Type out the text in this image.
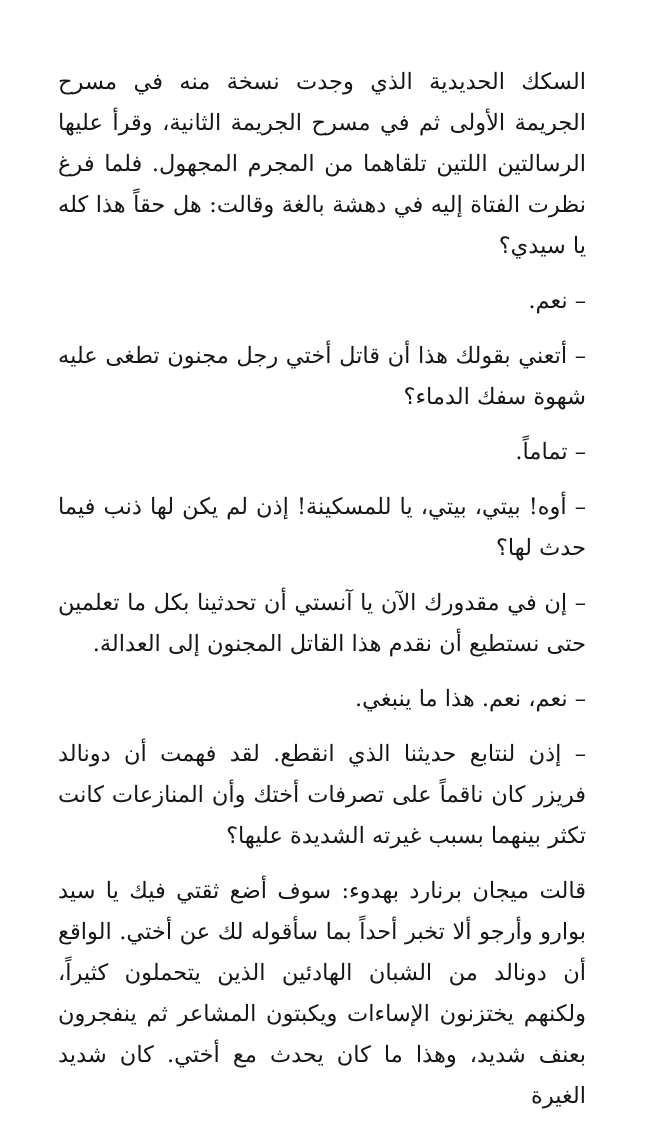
السكك الحديدية الذي وجدت نسخة منه في مسرح الجريمة الأولى ثم في مسرح الجريمة الثانية، وقرأ عليها الرسالتين اللتين تلقاهما من المجرم المجهول. فلما فرغ نظرت الفتاة إليه في دهشة بالغة وقالت: هل حقاً هذا كله يا سيدي؟

– نعم.

– أتعني بقولك هذا أن قاتل أختي رجل مجنون تطغى عليه شهوة سفك الدماء؟

– تماماً.

– أوه! بيتي، بيتي، يا للمسكينة! إذن لم يكن لها ذنب فيما حدث لها؟

– إن في مقدورك الآن يا آنستي أن تحدثينا بكل ما تعلمين حتى نستطيع أن نقدم هذا القاتل المجنون إلى العدالة.

– نعم، نعم. هذا ما ينبغي.

– إذن لنتابع حديثنا الذي انقطع. لقد فهمت أن دونالد فريزر كان ناقماً على تصرفات أختك وأن المنازعات كانت تكثر بينهما بسبب غيرته الشديدة عليها؟

قالت ميجان برنارد بهدوء: سوف أضع ثقتي فيك يا سيد بوارو وأرجو ألا تخبر أحداً بما سأقوله لك عن أختي. الواقع أن دونالد من الشبان الهادئين الذين يتحملون كثيراً، ولكنهم يختزنون الإساءات ويكبتون المشاعر ثم ينفجرون بعنف شديد، وهذا ما كان يحدث مع أختي. كان شديد الغيرة
